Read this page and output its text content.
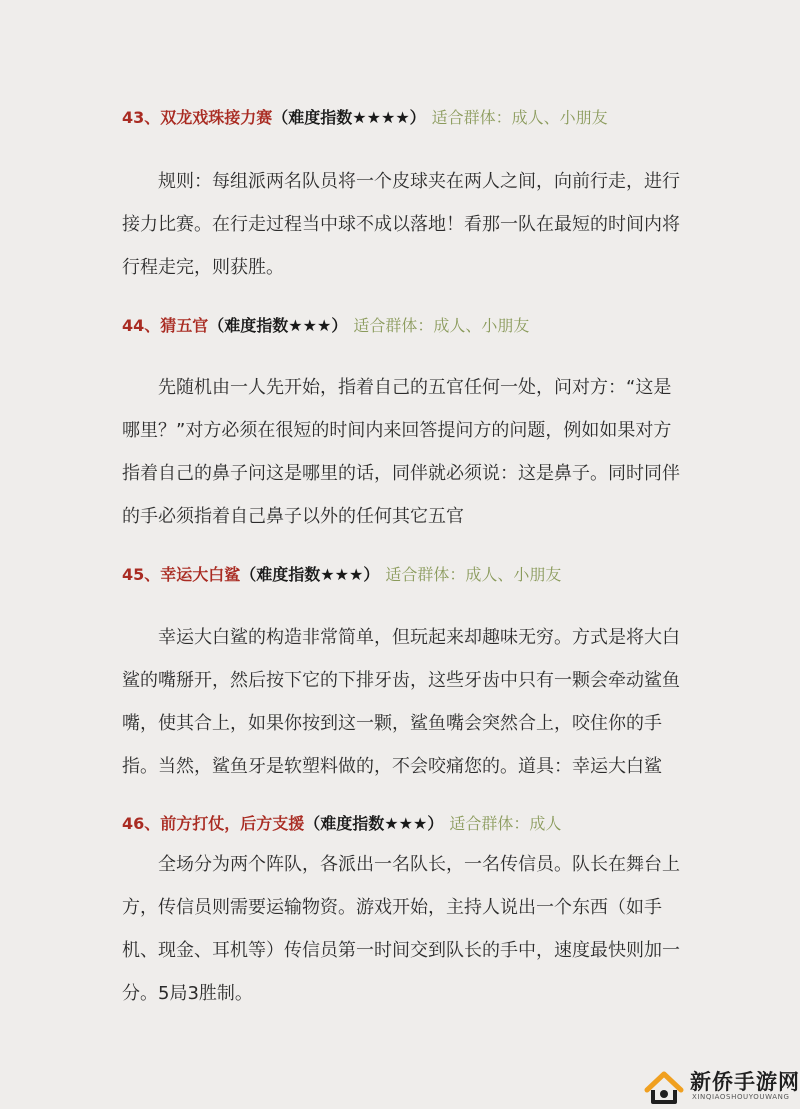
43、双龙戏珠接力赛（难度指数★★★★） 适合群体：成人、小朋友

　　规则：每组派两名队员将一个皮球夹在两人之间，向前行走，进行接力比赛。在行走过程当中球不成以落地！看那一队在最短的时间内将行程走完，则获胜。

44、猜五官（难度指数★★★） 适合群体：成人、小朋友

　　先随机由一人先开始，指着自己的五官任何一处，问对方：“这是哪里？”对方必须在很短的时间内来回答提问方的问题，例如如果对方指着自己的鼻子问这是哪里的话，同伴就必须说：这是鼻子。同时同伴的手必须指着自己鼻子以外的任何其它五官

45、幸运大白鲨（难度指数★★★） 适合群体：成人、小朋友

　　幸运大白鲨的构造非常简单，但玩起来却趣味无穷。方式是将大白鲨的嘴掰开，然后按下它的下排牙齿，这些牙齿中只有一颗会牵动鲨鱼嘴，使其合上，如果你按到这一颗，鲨鱼嘴会突然合上，咬住你的手指。当然，鲨鱼牙是软塑料做的，不会咬痛您的。道具：幸运大白鲨

46、前方打仗，后方支援（难度指数★★★） 适合群体：成人

　　全场分为两个阵队，各派出一名队长，一名传信员。队长在舞台上方，传信员则需要运输物资。游戏开始，主持人说出一个东西（如手机、现金、耳机等）传信员第一时间交到队长的手中，速度最快则加一分。5局3胜制。

新侨手游网
XINQIAOSHOUYOUWANG
